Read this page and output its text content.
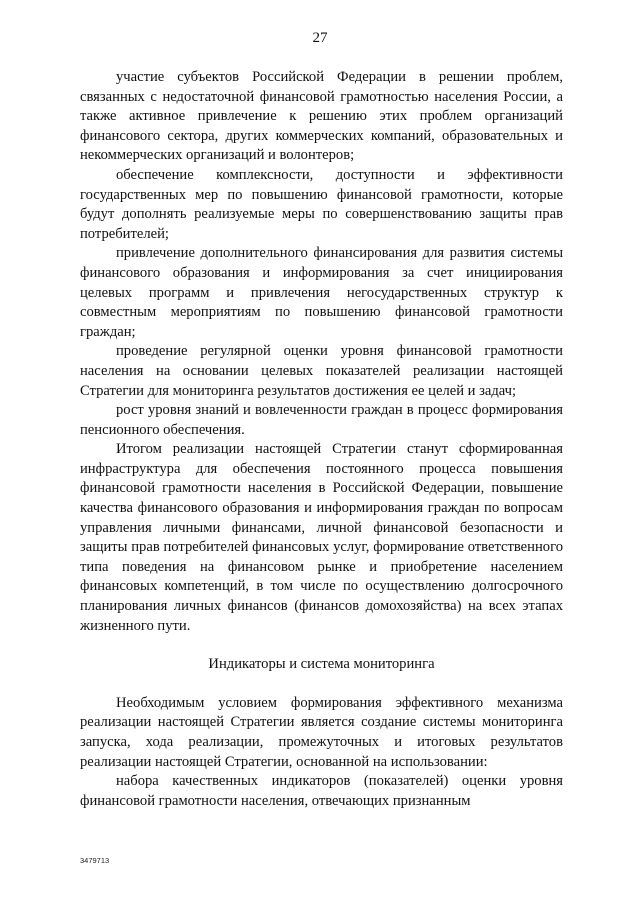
27

участие субъектов Российской Федерации в решении проблем, связанных с недостаточной финансовой грамотностью населения России, а также активное привлечение к решению этих проблем организаций финансового сектора, других коммерческих компаний, образовательных и некоммерческих организаций и волонтеров;

обеспечение комплексности, доступности и эффективности государственных мер по повышению финансовой грамотности, которые будут дополнять реализуемые меры по совершенствованию защиты прав потребителей;

привлечение дополнительного финансирования для развития системы финансового образования и информирования за счет инициирования целевых программ и привлечения негосударственных структур к совместным мероприятиям по повышению финансовой грамотности граждан;

проведение регулярной оценки уровня финансовой грамотности населения на основании целевых показателей реализации настоящей Стратегии для мониторинга результатов достижения ее целей и задач;

рост уровня знаний и вовлеченности граждан в процесс формирования пенсионного обеспечения.

Итогом реализации настоящей Стратегии станут сформированная инфраструктура для обеспечения постоянного процесса повышения финансовой грамотности населения в Российской Федерации, повышение качества финансового образования и информирования граждан по вопросам управления личными финансами, личной финансовой безопасности и защиты прав потребителей финансовых услуг, формирование ответственного типа поведения на финансовом рынке и приобретение населением финансовых компетенций, в том числе по осуществлению долгосрочного планирования личных финансов (финансов домохозяйства) на всех этапах жизненного пути.

Индикаторы и система мониторинга

Необходимым условием формирования эффективного механизма реализации настоящей Стратегии является создание системы мониторинга запуска, хода реализации, промежуточных и итоговых результатов реализации настоящей Стратегии, основанной на использовании:

набора качественных индикаторов (показателей) оценки уровня финансовой грамотности населения, отвечающих признанным

3479713
